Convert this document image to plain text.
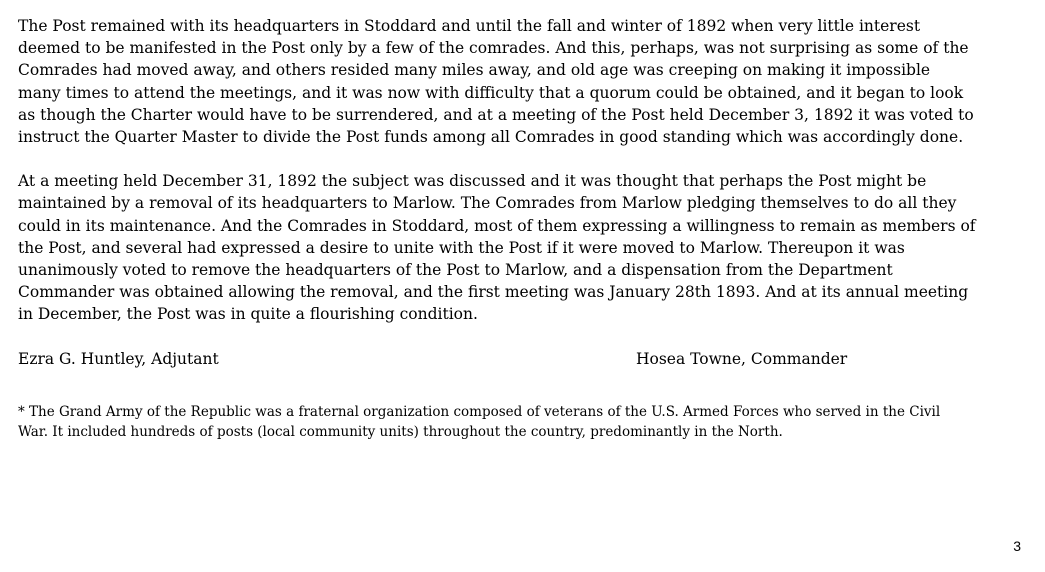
The Post remained with its headquarters in Stoddard and until the fall and winter of 1892 when very little interest
deemed to be manifested in the Post only by a few of the comrades. And this, perhaps, was not surprising as some of the
Comrades had moved away, and others resided many miles away, and old age was creeping on making it impossible
many times to attend the meetings, and it was now with difficulty that a quorum could be obtained, and it began to look
as though the Charter would have to be surrendered, and at a meeting of the Post held December 3, 1892 it was voted to
instruct the Quarter Master to divide the Post funds among all Comrades in good standing which was accordingly done.

At a meeting held December 31, 1892 the subject was discussed and it was thought that perhaps the Post might be
maintained by a removal of its headquarters to Marlow. The Comrades from Marlow pledging themselves to do all they
could in its maintenance. And the Comrades in Stoddard, most of them expressing a willingness to remain as members of
the Post, and several had expressed a desire to unite with the Post if it were moved to Marlow. Thereupon it was
unanimously voted to remove the headquarters of the Post to Marlow, and a dispensation from the Department
Commander was obtained allowing the removal, and the first meeting was January 28th 1893. And at its annual meeting
in December, the Post was in quite a flourishing condition.

Ezra G. Huntley, Adjutant	Hosea Towne, Commander
* The Grand Army of the Republic was a fraternal organization composed of veterans of the U.S. Armed Forces who served in the Civil
War. It included hundreds of posts (local community units) throughout the country, predominantly in the North.
3
